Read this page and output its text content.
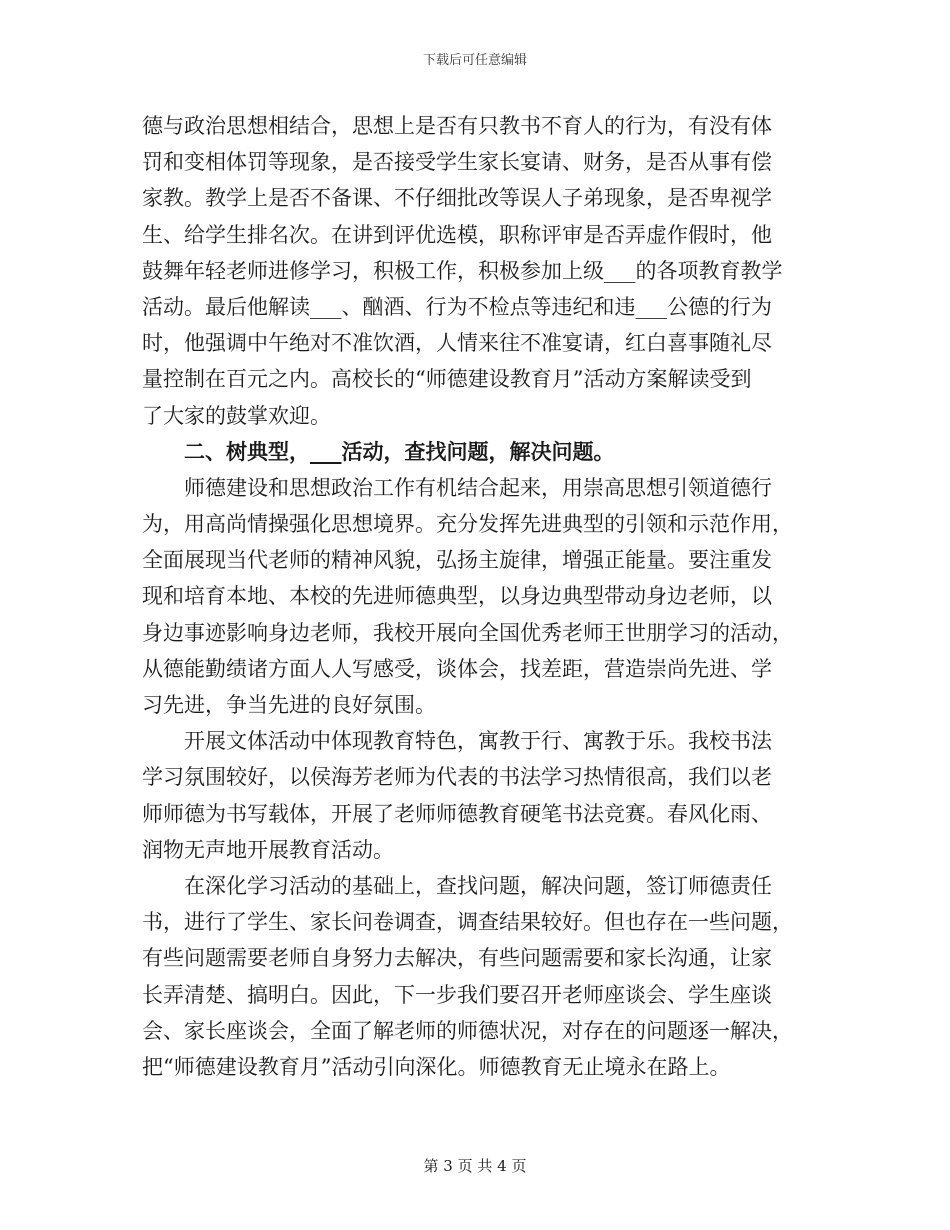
下载后可任意编辑
德与政治思想相结合，思想上是否有只教书不育人的行为，有没有体
罚和变相体罚等现象，是否接受学生家长宴请、财务，是否从事有偿
家教。教学上是否不备课、不仔细批改等误人子弟现象，是否卑视学
生、给学生排名次。在讲到评优选模，职称评审是否弄虚作假时，他
鼓舞年轻老师进修学习，积极工作，积极参加上级___的各项教育教学
活动。最后他解读___、酗酒、行为不检点等违纪和违___公德的行为
时，他强调中午绝对不准饮酒，人情来往不准宴请，红白喜事随礼尽
量控制在百元之内。高校长的“师德建设教育月”活动方案解读受到
了大家的鼓掌欢迎。
　　二、树典型，___活动，查找问题，解决问题。
　　师德建设和思想政治工作有机结合起来，用崇高思想引领道德行
为，用高尚情操强化思想境界。充分发挥先进典型的引领和示范作用，
全面展现当代老师的精神风貌，弘扬主旋律，增强正能量。要注重发
现和培育本地、本校的先进师德典型，以身边典型带动身边老师，以
身边事迹影响身边老师，我校开展向全国优秀老师王世朋学习的活动，
从德能勤绩诸方面人人写感受，谈体会，找差距，营造崇尚先进、学
习先进，争当先进的良好氛围。
　　开展文体活动中体现教育特色，寓教于行、寓教于乐。我校书法
学习氛围较好，以侯海芳老师为代表的书法学习热情很高，我们以老
师师德为书写载体，开展了老师师德教育硬笔书法竞赛。春风化雨、
润物无声地开展教育活动。
　　在深化学习活动的基础上，查找问题，解决问题，签订师德责任
书，进行了学生、家长问卷调查，调查结果较好。但也存在一些问题，
有些问题需要老师自身努力去解决，有些问题需要和家长沟通，让家
长弄清楚、搞明白。因此，下一步我们要召开老师座谈会、学生座谈
会、家长座谈会，全面了解老师的师德状况，对存在的问题逐一解决，
把“师德建设教育月”活动引向深化。师德教育无止境永在路上。
第 3 页 共 4 页
